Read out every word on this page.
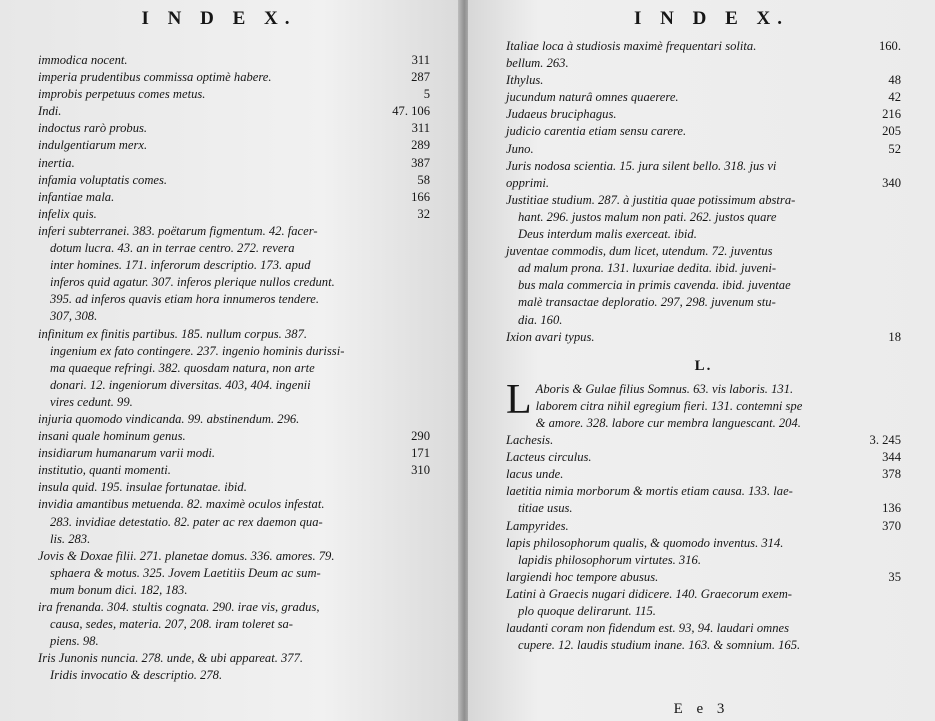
I N D E X.
immodica nocent.	311
imperia prudentibus commissa optimè habere.	287
improbis perpetuus comes metus.	5
Indi.	47. 106
indoctus rarò probus.	311
indulgentiarum merx.	289
inertia.	387
infamia voluptatis comes.	58
infantiae mala.	166
infelix quis.	32
inferi subterranei. 383. poëtarum figmentum. 42. facer-
dotum lucra. 43. an in terrae centro. 272. revera
inter homines. 171. inferorum descriptio. 173. apud
inferos quid agatur. 307. inferos plerique nullos credunt.
395. ad inferos quavis etiam hora innumeros tendere.
307, 308.
infinitum ex finitis partibus. 185. nullum corpus. 387.
ingenium ex fato contingere. 237. ingenio hominis durissi-
ma quaeque refringi. 382. quosdam natura, non arte
donari. 12. ingeniorum diversitas. 403, 404. ingenii
vires cedunt. 99.
injuria quomodo vindicanda. 99. abstinendum. 296.
insani quale hominum genus.	290
insidiarum humanarum varii modi.	171
institutio, quanti momenti.	310
insula quid. 195. insulae fortunatae. ibid.
invidia amantibus metuenda. 82. maximè oculos infestat.
283. invidiae detestatio. 82. pater ac rex daemon qua-
lis. 283.
Jovis & Doxae filii. 271. planetae domus. 336. amores. 79.
sphaera & motus. 325. Jovem Laetitiis Deum ac sum-
mum bonum dici. 182, 183.
ira frenanda. 304. stultis cognata. 290. irae vis, gradus,
causa, sedes, materia. 207, 208. iram toleret sa-
piens. 98.
Iris Junonis nuncia. 278. unde, & ubi appareat. 377.
Iridis invocatio & descriptio. 278.
I N D E X.
Italiae loca à studiosis maximè frequentari solita.	160.
bellum. 263.
Ithylus.	48
jucundum naturâ omnes quaerere.	42
Judaeus bruciphagus.	216
judicio carentia etiam sensu carere.	205
Juno.	52
Juris nodosa scientia. 15. jura silent bello. 318. jus vi
opprimi.	340
Justitiae studium. 287. à justitia quae potissimum abstra-
hant. 296. justos malum non pati. 262. justos quare
Deus interdum malis exerceat. ibid.
juventae commodis, dum licet, utendum. 72. juventus
ad malum prona. 131. luxuriae dedita. ibid. juveni-
bus mala commercia in primis cavenda. ibid. juventae
malè transactae deploratio. 297, 298. juvenum stu-
dia. 160.
Ixion avari typus.	18
L.
L Aboris & Gulae filius Somnus. 63. vis laboris. 131.
laborem citra nihil egregium fieri. 131. contemni spe
& amore. 328. labore cur membra languescant. 204.
Lachesis.	3. 245
Lacteus circulus.	344
lacus unde.	378
laetitia nimia morborum & mortis etiam causa. 133. lae-
titiae usus.	136
Lampyrides.	370
lapis philosophorum qualis, & quomodo inventus. 314.
lapidis philosophorum virtutes. 316.
largiendi hoc tempore abusus.	35
Latini à Graecis nugari didicere. 140. Graecorum exem-
plo quoque delirarunt. 115.
laudanti coram non fidendum est. 93, 94. laudari omnes
cupere. 12. laudis studium inane. 163. & somnium. 165.
E e 3
